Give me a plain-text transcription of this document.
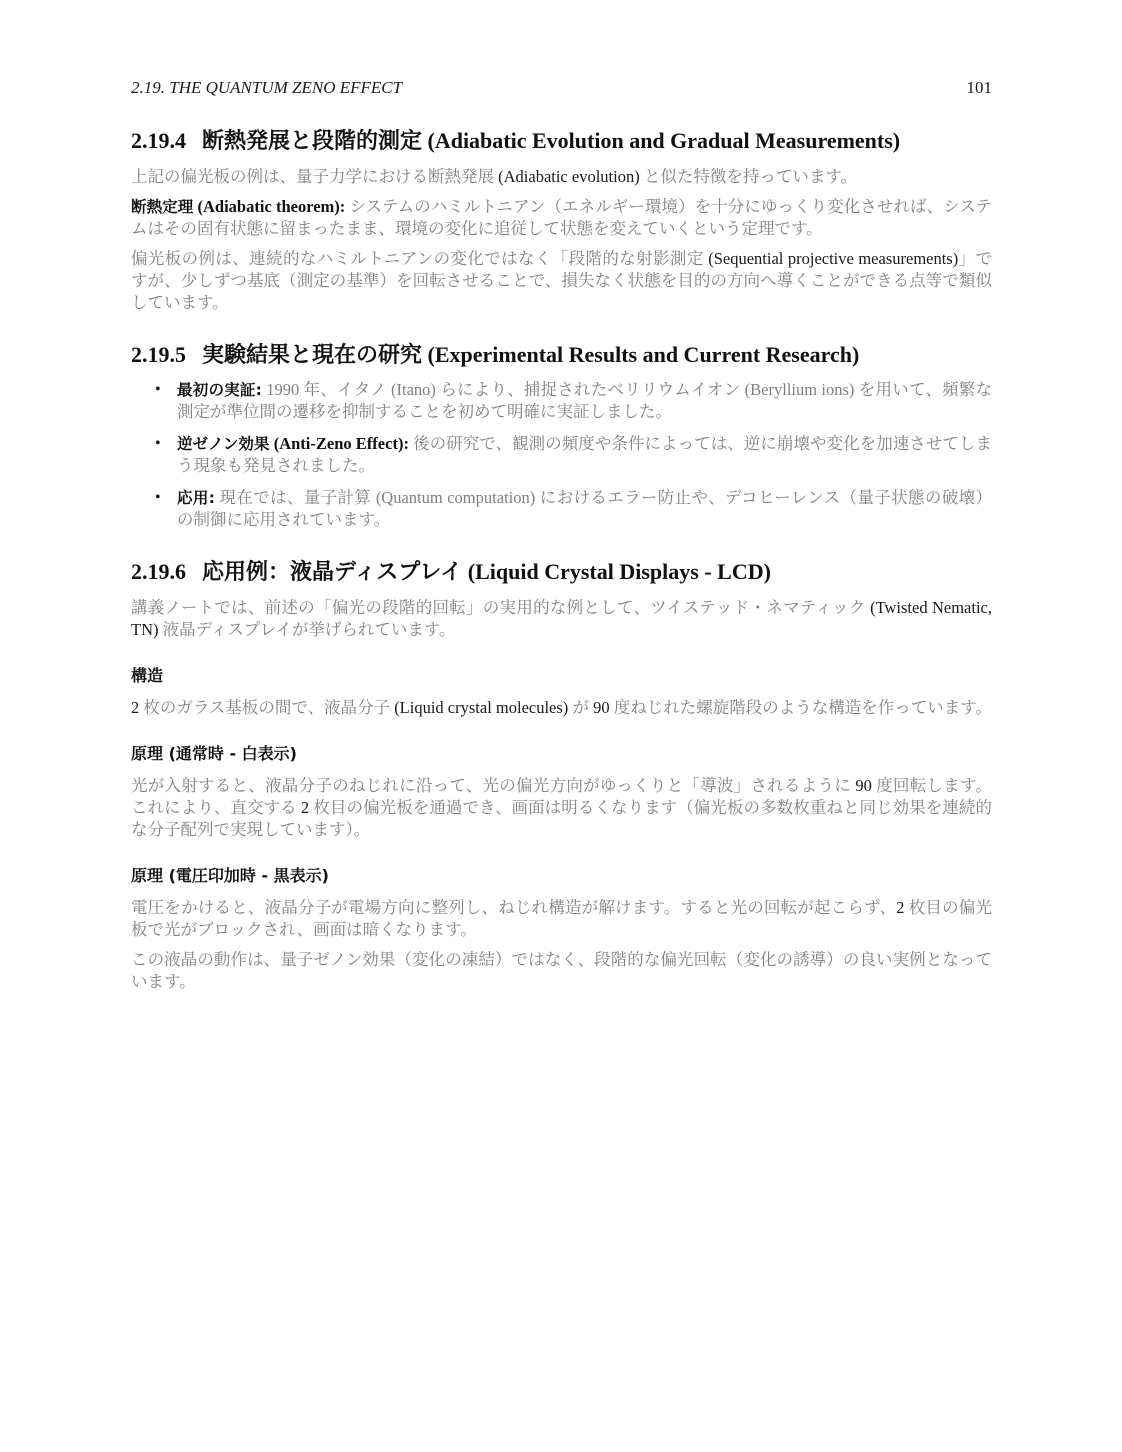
2.19. THE QUANTUM ZENO EFFECT	101
2.19.4 断熱発展と段階的測定 (Adiabatic Evolution and Gradual Measurements)

上記の偏光板の例は、量子力学における断熱発展 (Adiabatic evolution) と似た特徴を持っています。

断熱定理 (Adiabatic theorem): システムのハミルトニアン（エネルギー環境）を十分にゆっくり変化させれば、システムはその固有状態に留まったまま、環境の変化に追従して状態を変えていくという定理です。

偏光板の例は、連続的なハミルトニアンの変化ではなく「段階的な射影測定 (Sequential projective measurements)」ですが、少しずつ基底（測定の基準）を回転させることで、損失なく状態を目的の方向へ導くことができる点等で類似しています。

2.19.5 実験結果と現在の研究 (Experimental Results and Current Research)
• 最初の実証: 1990 年、イタノ (Itano) らにより、捕捉されたベリリウムイオン (Beryllium ions) を用いて、頻繁な測定が準位間の遷移を抑制することを初めて明確に実証しました。
• 逆ゼノン効果 (Anti-Zeno Effect): 後の研究で、観測の頻度や条件によっては、逆に崩壊や変化を加速させてしまう現象も発見されました。
• 応用: 現在では、量子計算 (Quantum computation) におけるエラー防止や、デコヒーレンス（量子状態の破壊）の制御に応用されています。
2.19.6 応用例：液晶ディスプレイ (Liquid Crystal Displays - LCD)

講義ノートでは、前述の「偏光の段階的回転」の実用的な例として、ツイステッド・ネマティック (Twisted Nematic, TN) 液晶ディスプレイが挙げられています。

構造

2 枚のガラス基板の間で、液晶分子 (Liquid crystal molecules) が 90 度ねじれた螺旋階段のような構造を作っています。

原理 (通常時 - 白表示)

光が入射すると、液晶分子のねじれに沿って、光の偏光方向がゆっくりと「導波」されるように 90 度回転します。これにより、直交する 2 枚目の偏光板を通過でき、画面は明るくなります（偏光板の多数枚重ねと同じ効果を連続的な分子配列で実現しています）。

原理 (電圧印加時 - 黒表示)

電圧をかけると、液晶分子が電場方向に整列し、ねじれ構造が解けます。すると光の回転が起こらず、2 枚目の偏光板で光がブロックされ、画面は暗くなります。

この液晶の動作は、量子ゼノン効果（変化の凍結）ではなく、段階的な偏光回転（変化の誘導）の良い実例となっています。
